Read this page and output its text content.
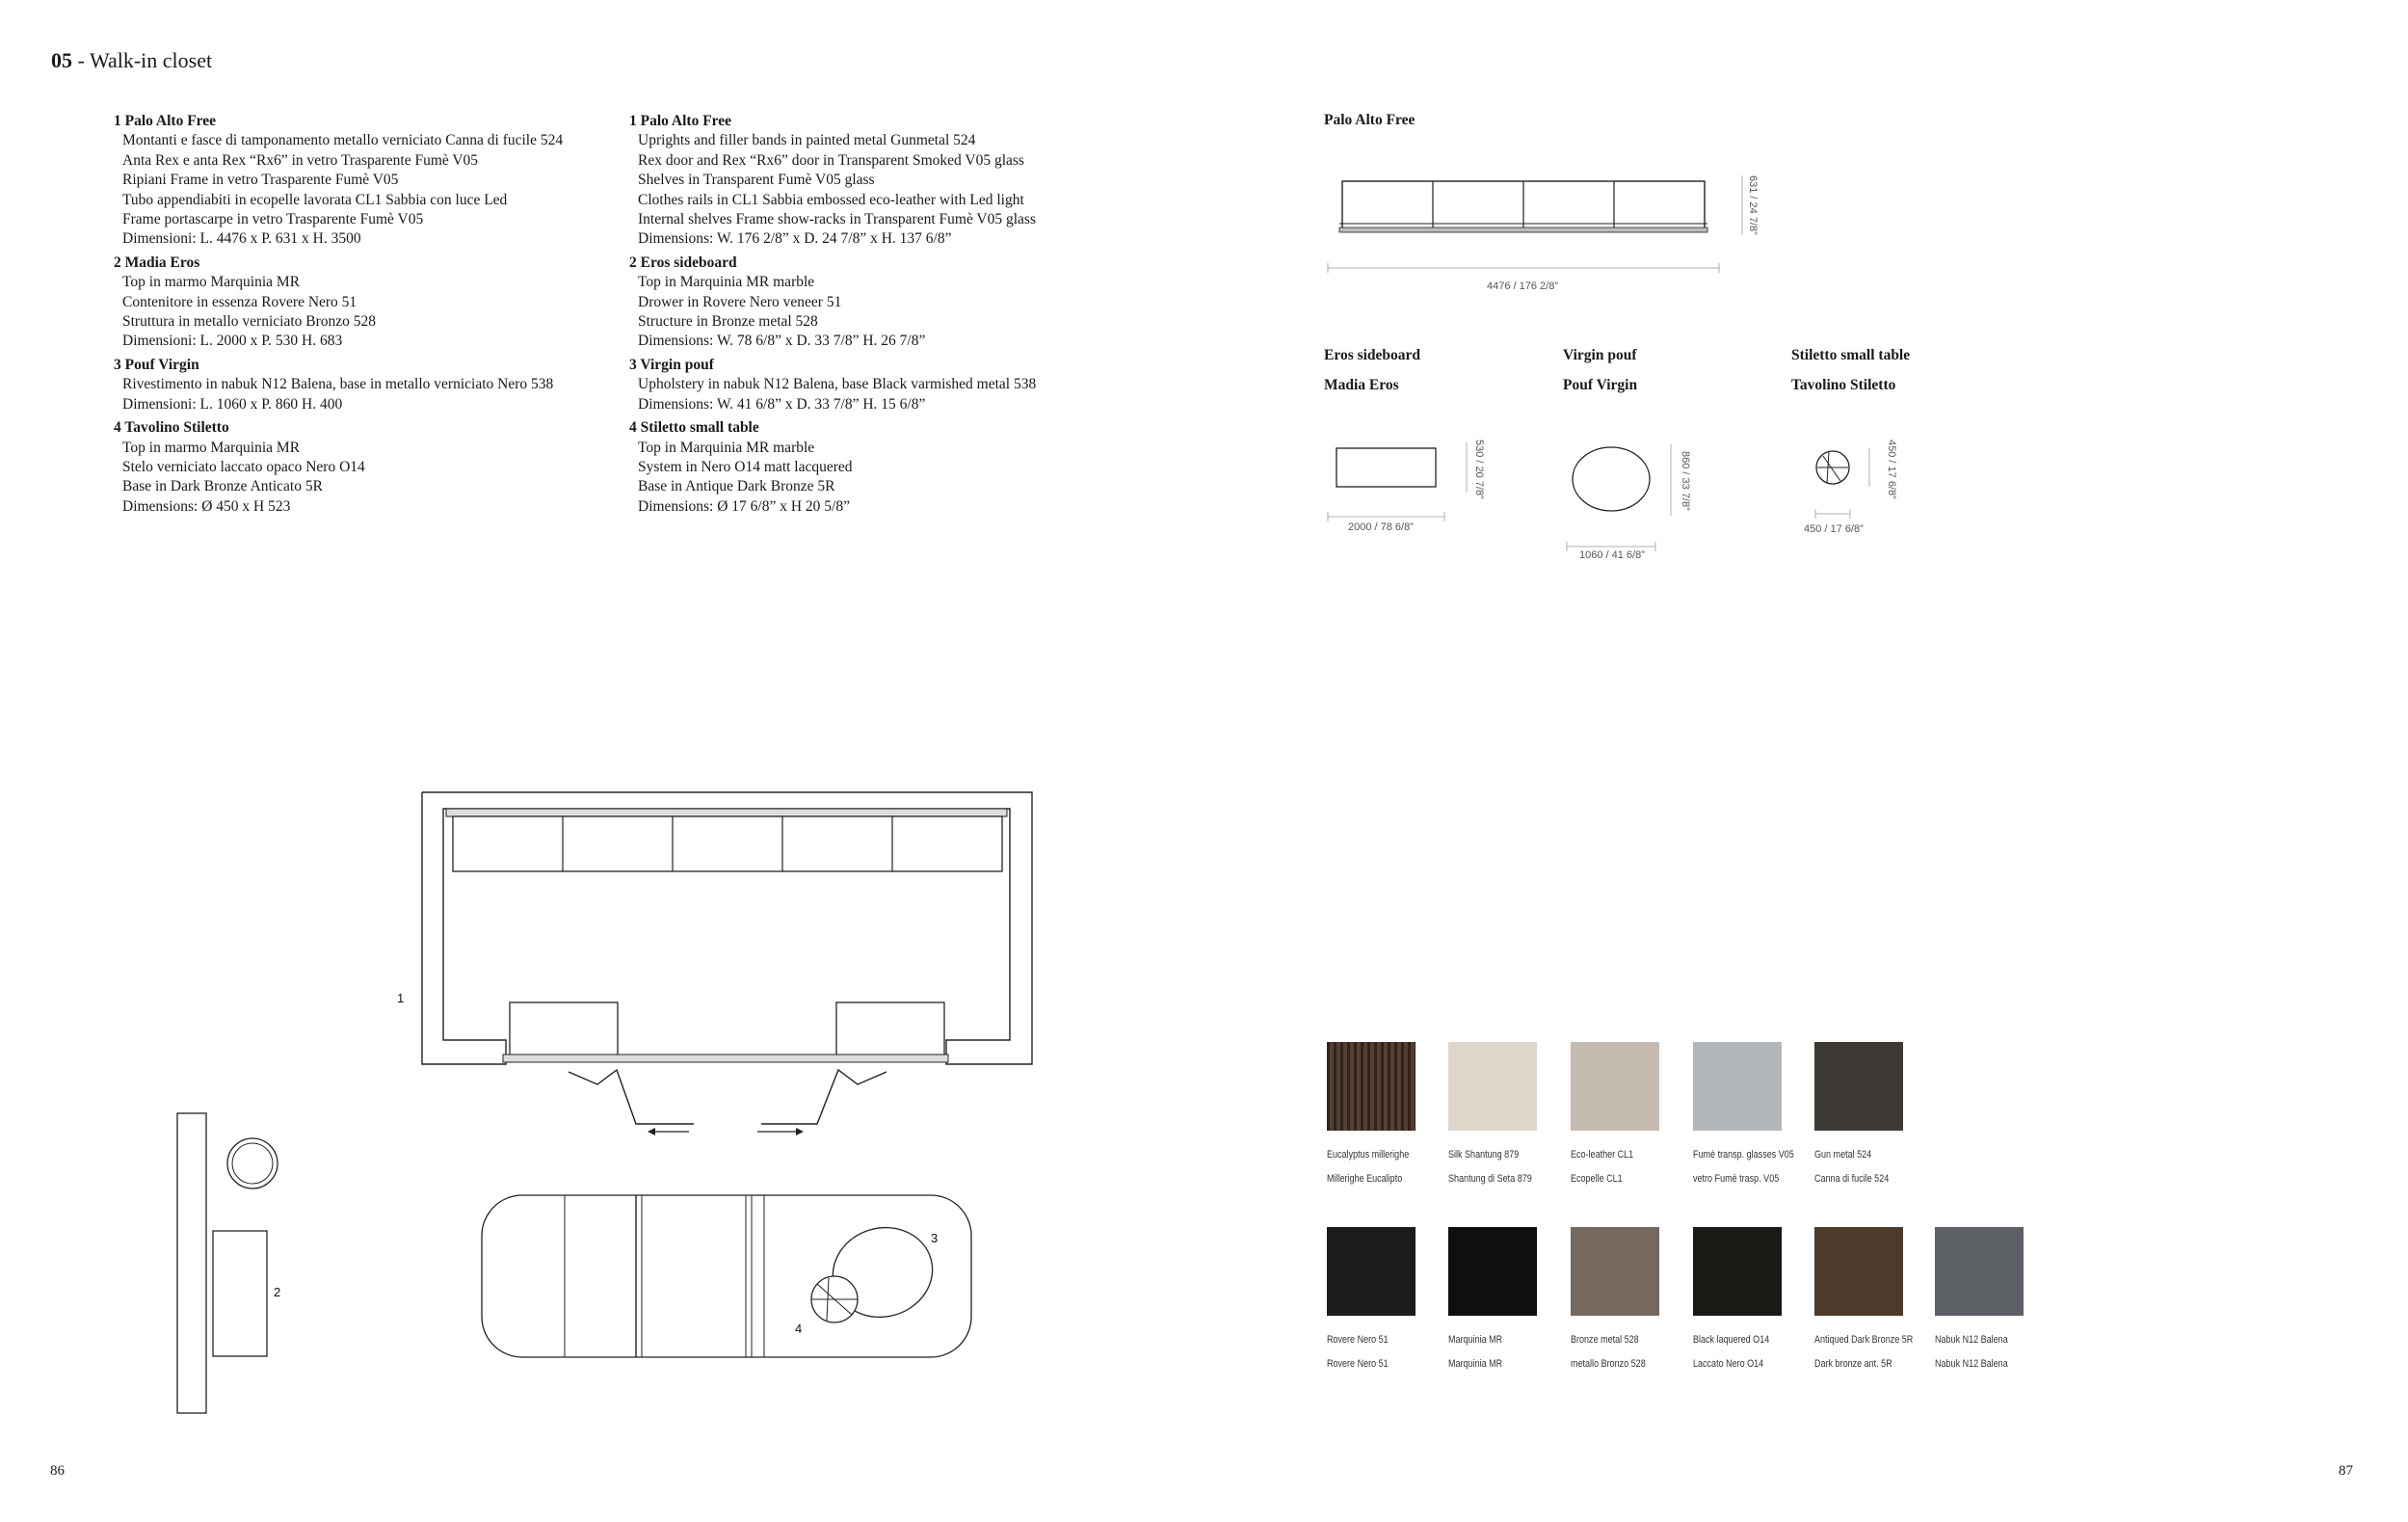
05 - Walk-in closet
1 Palo Alto Free
Montanti e fasce di tamponamento metallo verniciato Canna di fucile 524
Anta Rex e anta Rex “Rx6” in vetro Trasparente Fumè V05
Ripiani Frame in vetro Trasparente Fumè V05
Tubo appendiabiti in ecopelle lavorata CL1 Sabbia con luce Led
Frame portascarpe in vetro Trasparente Fumè V05
Dimensioni: L. 4476 x P. 631 x H. 3500
2 Madia Eros
Top in marmo Marquinia MR
Contenitore in essenza Rovere Nero 51
Struttura in metallo verniciato Bronzo 528
Dimensioni: L. 2000 x P. 530 H. 683
3 Pouf Virgin
Rivestimento in nabuk N12 Balena, base in metallo verniciato Nero 538
Dimensioni: L. 1060 x P. 860 H. 400
4 Tavolino Stiletto
Top in marmo Marquinia MR
Stelo verniciato laccato opaco Nero O14
Base in Dark Bronze Anticato 5R
Dimensions: Ø 450 x H 523
1 Palo Alto Free
Uprights and filler bands in painted metal Gunmetal 524
Rex door and Rex “Rx6” door in Transparent Smoked V05 glass
Shelves in Transparent Fumè V05 glass
Clothes rails in CL1 Sabbia embossed eco-leather with Led light
Internal shelves Frame show-racks in Transparent Fumè V05 glass
Dimensions: W. 176 2/8” x D. 24 7/8” x H. 137 6/8”
2 Eros sideboard
Top in Marquinia MR marble
Drower in Rovere Nero veneer 51
Structure in Bronze metal 528
Dimensions: W. 78 6/8” x D. 33 7/8” H. 26 7/8”
3 Virgin pouf
Upholstery in nabuk N12 Balena, base Black varmished metal 538
Dimensions: W. 41 6/8” x D. 33 7/8” H. 15 6/8”
4 Stiletto small table
Top in Marquinia MR marble
System in Nero O14 matt lacquered
Base in Antique Dark Bronze 5R
Dimensions: Ø 17 6/8” x H 20 5/8”
Palo Alto Free
4476 / 176 2/8”
631 / 24 7/8”
Eros sideboard
Madia Eros
2000 / 78 6/8”
530 / 20 7/8”
Virgin pouf
Pouf Virgin
1060 / 41 6/8”
860 / 33 7/8”
Stiletto small table
Tavolino Stiletto
450 / 17 6/8”
450 / 17 6/8”
1
2
3
4
Eucalyptus millerighe
Millerighe Eucalipto
Silk Shantung 879
Shantung di Seta 879
Eco-leather CL1
Ecopelle CL1
Fumè transp. glasses V05
vetro Fumè trasp. V05
Gun metal 524
Canna di fucile 524
Rovere Nero 51
Rovere Nero 51
Marquinia MR
Marquinia MR
Bronze metal 528
metallo Bronzo 528
Black laquered O14
Laccato Nero O14
Antiqued Dark Bronze 5R
Dark bronze ant. 5R
Nabuk N12 Balena
Nabuk N12 Balena
86	87
